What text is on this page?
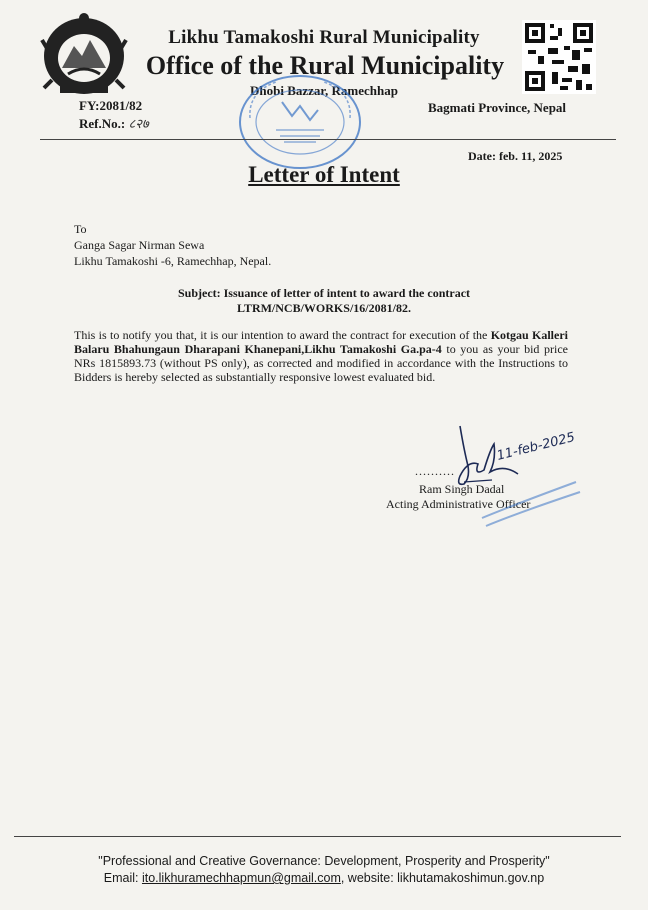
Likhu Tamakoshi Rural Municipality
Office of the Rural Municipality
Dhobi Bazzar, Ramechhap
FY:2081/82
Ref.No.: ८२७
Bagmati Province, Nepal
Date: feb. 11, 2025
Letter of Intent
To
Ganga Sagar Nirman Sewa
Likhu Tamakoshi -6, Ramechhap, Nepal.
Subject: Issuance of letter of intent to award the contract
LTRM/NCB/WORKS/16/2081/82.
This is to notify you that, it is our intention to award the contract for execution of the Kotgau Kalleri Balaru Bhahungaun Dharapani Khanepani,Likhu Tamakoshi Ga.pa-4 to you as your bid price NRs 1815893.73 (without PS only), as corrected and modified in accordance with the Instructions to Bidders is hereby selected as substantially responsive lowest evaluated bid.
11-feb-2025
..........
Ram Singh Dadal
Acting Administrative Officer
"Professional and Creative Governance: Development, Prosperity and Prosperity"
Email: ito.likhuramechhapmun@gmail.com, website: likhutamakoshimun.gov.np
